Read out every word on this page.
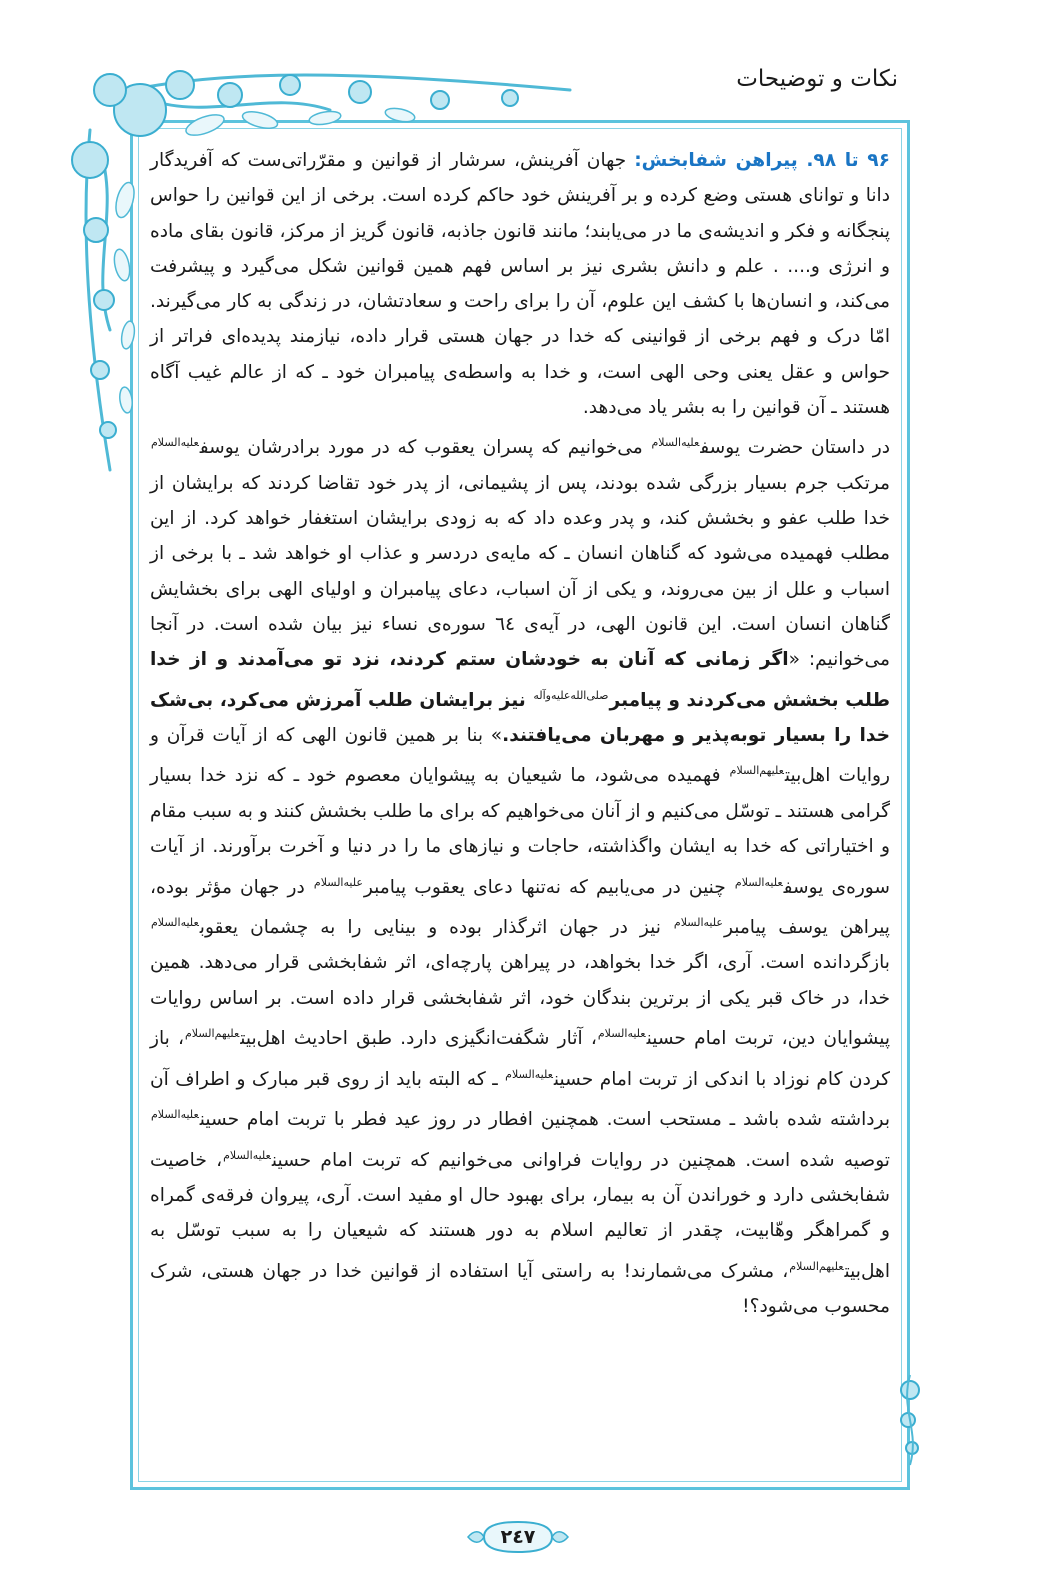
نکات و توضیحات

۹۶ تا ۹۸. پیراهن شفابخش: جهان آفرینش، سرشار از قوانین و مقرّراتی‌ست که آفریدگار دانا و توانای هستی وضع کرده و بر آفرینش خود حاکم کرده است. برخی از این قوانین را حواس پنجگانه و فکر و اندیشه‌ی ما در می‌یابند؛ مانند قانون جاذبه، قانون گریز از مرکز، قانون بقای ماده و انرژی و.... . علم و دانش بشری نیز بر اساس فهم همین قوانین شکل می‌گیرد و پیشرفت می‌کند، و انسان‌ها با کشف این علوم، آن را برای راحت و سعادتشان، در زندگی به کار می‌گیرند. امّا درک و فهم برخی از قوانینی که خدا در جهان هستی قرار داده، نیازمند پدیده‌ای فراتر از حواس و عقل یعنی وحی الهی است، و خدا به واسطه‌ی پیامبران خود ـ که از عالم غیب آگاه هستند ـ آن قوانین را به بشر یاد می‌دهد.

در داستان حضرت یوسف$^{علیه‌السلام}$ می‌خوانیم که پسران یعقوب که در مورد برادرشان یوسف$^{علیه‌السلام}$ مرتکب جرم بسیار بزرگی شده بودند، پس از پشیمانی، از پدر خود تقاضا کردند که برایشان از خدا طلب عفو و بخشش کند، و پدر وعده داد که به زودی برایشان استغفار خواهد کرد. از این مطلب فهمیده می‌شود که گناهان انسان ـ که مایه‌ی دردسر و عذاب او خواهد شد ـ با برخی از اسباب و علل از بین می‌روند، و یکی از آن اسباب، دعای پیامبران و اولیای الهی برای بخشایش گناهان انسان است. این قانون الهی، در آیه‌ی ٦٤ سوره‌ی نساء نیز بیان شده است. در آنجا می‌خوانیم: «اگر زمانی که آنان به خودشان ستم کردند، نزد تو می‌آمدند و از خدا طلب بخشش می‌کردند و پیامبر$^{صلی‌الله‌علیه‌وآله}$ نیز برایشان طلب آمرزش می‌کرد، بی‌شک خدا را بسیار توبه‌پذیر و مهربان می‌یافتند.» بنا بر همین قانون الهی که از آیات قرآن و روایات اهل‌بیت$^{علیهم‌السلام}$ فهمیده می‌شود، ما شیعیان به پیشوایان معصوم خود ـ که نزد خدا بسیار گرامی هستند ـ توسّل می‌کنیم و از آنان می‌خواهیم که برای ما طلب بخشش کنند و به سبب مقام و اختیاراتی که خدا به ایشان واگذاشته، حاجات و نیازهای ما را در دنیا و آخرت برآورند. از آیات سوره‌ی یوسف$^{علیه‌السلام}$ چنین در می‌یابیم که نه‌تنها دعای یعقوب پیامبر$^{علیه‌السلام}$ در جهان مؤثر بوده، پیراهن یوسف پیامبر$^{علیه‌السلام}$ نیز در جهان اثرگذار بوده و بینایی را به چشمان یعقوب$^{علیه‌السلام}$ بازگردانده است. آری، اگر خدا بخواهد، در پیراهن پارچه‌ای، اثر شفابخشی قرار می‌دهد. همین خدا، در خاک قبر یکی از برترین بندگان خود، اثر شفابخشی قرار داده است. بر اساس روایات پیشوایان دین، تربت امام حسین$^{علیه‌السلام}$، آثار شگفت‌انگیزی دارد. طبق احادیث اهل‌بیت$^{علیهم‌السلام}$، باز کردن کام نوزاد با اندکی از تربت امام حسین$^{علیه‌السلام}$ ـ که البته باید از روی قبر مبارک و اطراف آن برداشته شده باشد ـ مستحب است. همچنین افطار در روز عید فطر با تربت امام حسین$^{علیه‌السلام}$ توصیه شده است. همچنین در روایات فراوانی می‌خوانیم که تربت امام حسین$^{علیه‌السلام}$، خاصیت شفابخشی دارد و خوراندن آن به بیمار، برای بهبود حال او مفید است. آری، پیروان فرقه‌ی گمراه و گمراهگر وهّابیت، چقدر از تعالیم اسلام به دور هستند که شیعیان را به سبب توسّل به اهل‌بیت$^{علیهم‌السلام}$، مشرک می‌شمارند! به راستی آیا استفاده از قوانین خدا در جهان هستی، شرک محسوب می‌شود؟!

۲٤٧
